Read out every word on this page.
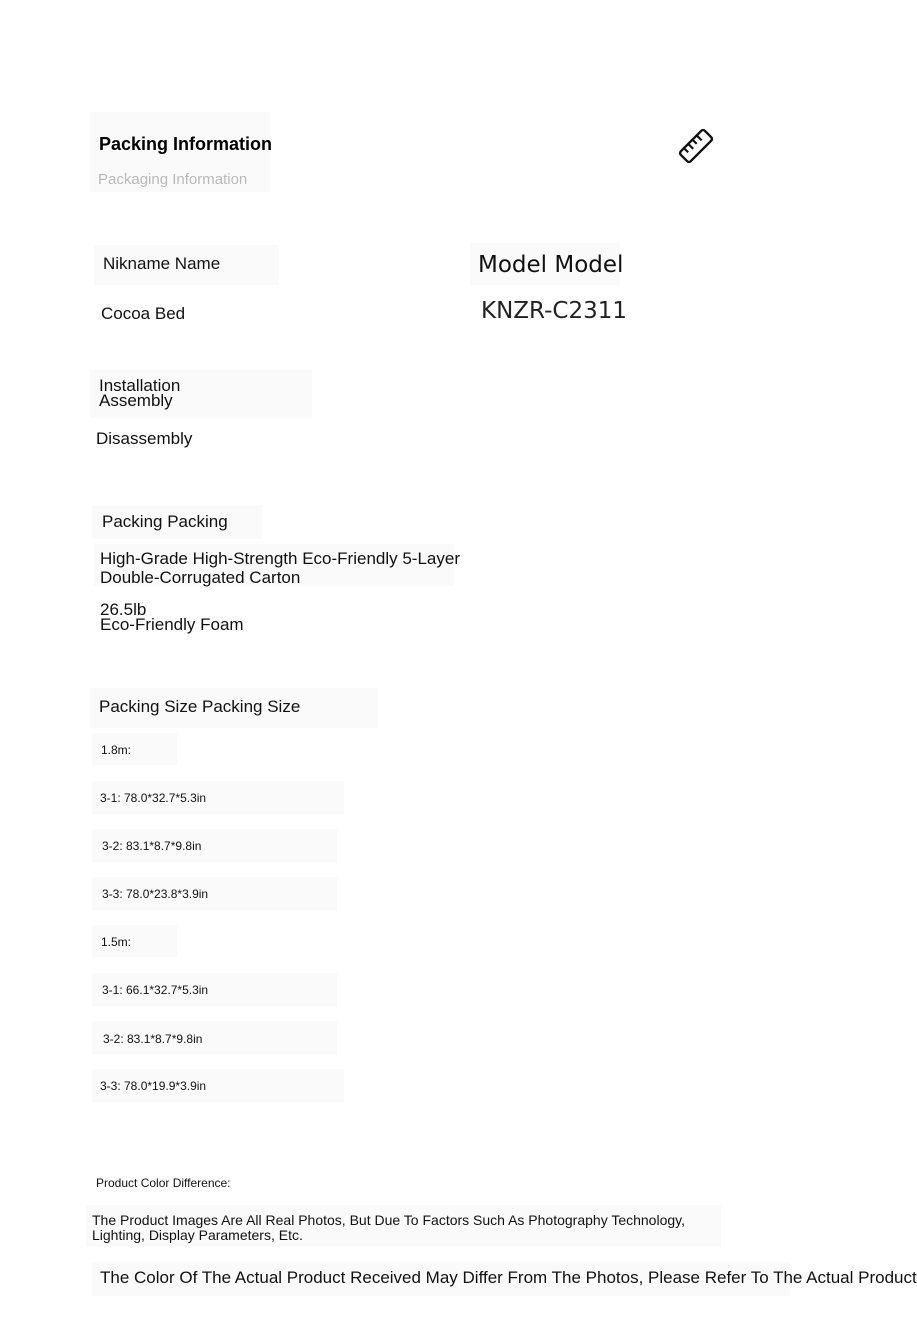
Packing Information
Packaging Information
Nikname Name
Cocoa Bed
Model Model
KNZR-C2311
Installation
Assembly
Disassembly
Packing Packing
High-Grade High-Strength Eco-Friendly 5-Layer
Double-Corrugated Carton
26.5lb
Eco-Friendly Foam
Packing Size Packing Size
1.8m:
3-1: 78.0*32.7*5.3in
3-2: 83.1*8.7*9.8in
3-3: 78.0*23.8*3.9in
1.5m:
3-1: 66.1*32.7*5.3in
3-2: 83.1*8.7*9.8in
3-3: 78.0*19.9*3.9in
Product Color Difference:
The Product Images Are All Real Photos, But Due To Factors Such As Photography Technology,
Lighting, Display Parameters, Etc.
The Color Of The Actual Product Received May Differ From The Photos, Please Refer To The Actual Product
